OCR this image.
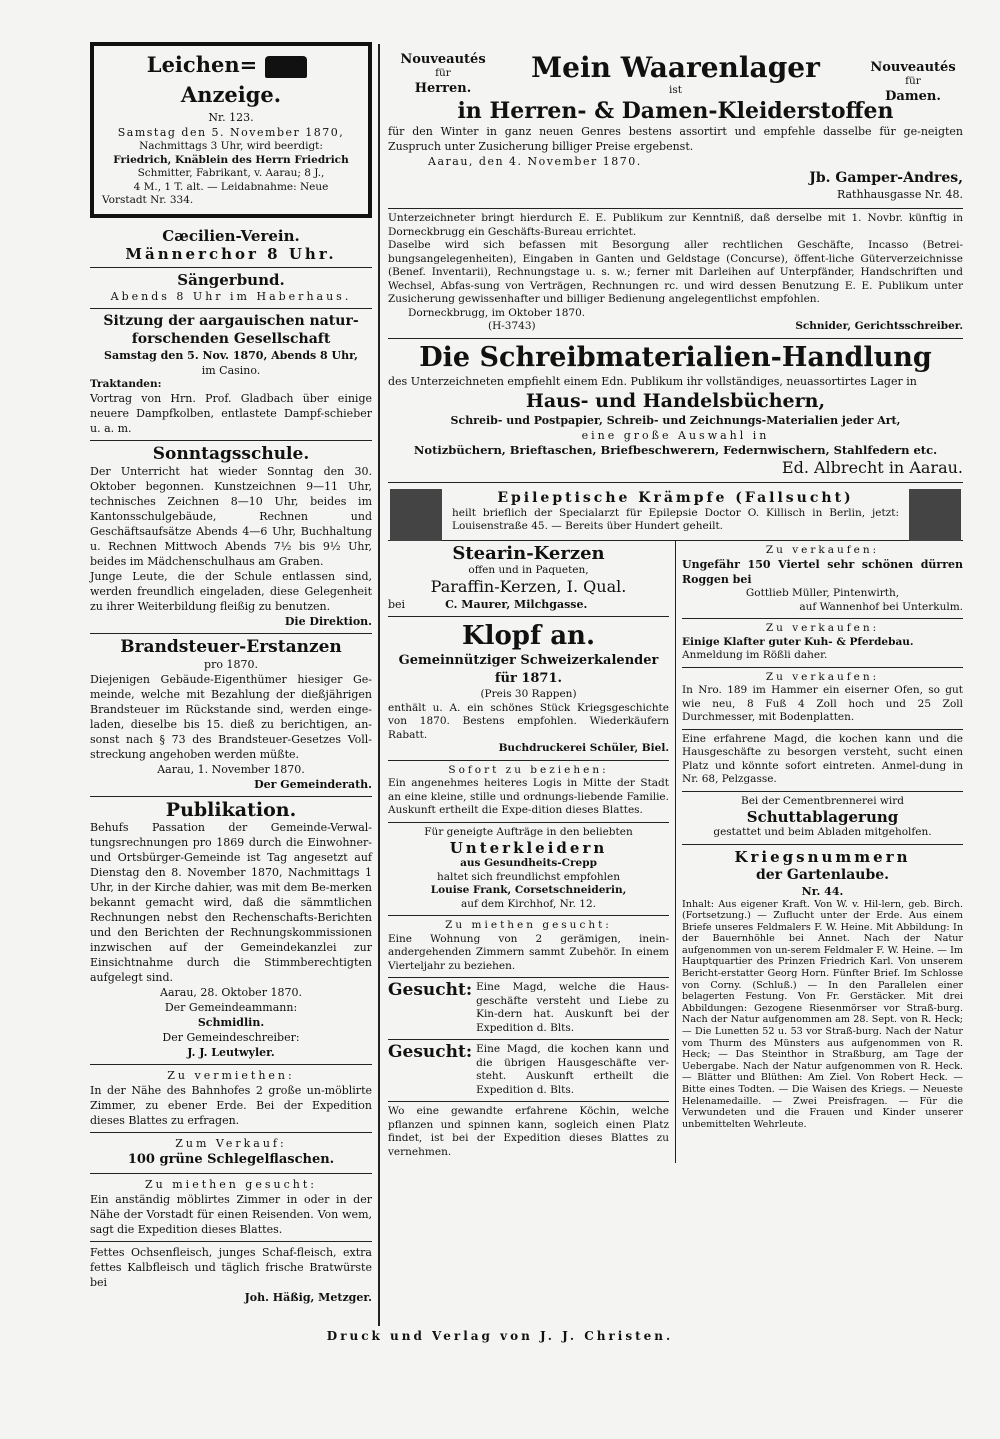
Leichen=Anzeige.

Nr. 123.

Samstag den 5. November 1870,

Nachmittags 3 Uhr, wird beerdigt:

Friedrich, Knäblein des Herrn Friedrich

Schmitter, Fabrikant, v. Aarau; 8 J.,

4 M., 1 T. alt. — Leidabnahme: Neue

Vorstadt Nr. 334.

Cæcilien-Verein.

Männerchor 8 Uhr.

Sängerbund.

Abends 8 Uhr im Haberhaus.

Sitzung der aargauischen natur-

forschenden Gesellschaft

Samstag den 5. Nov. 1870, Abends 8 Uhr,

im Casino.

Traktanden:

Vortrag von Hrn. Prof. Gladbach über einige neuere Dampfkolben, entlastete Dampf-schieber u. a. m.

Sonntagsschule.

Der Unterricht hat wieder Sonntag den 30. Oktober begonnen. Kunstzeichnen 9—11 Uhr, technisches Zeichnen 8—10 Uhr, beides im Kantonsschulgebäude, Rechnen und Geschäftsaufsätze Abends 4—6 Uhr, Buchhaltung u. Rechnen Mittwoch Abends 7½ bis 9½ Uhr, beides im Mädchenschulhaus am Graben.

Junge Leute, die der Schule entlassen sind, werden freundlich eingeladen, diese Gelegenheit zu ihrer Weiterbildung fleißig zu benutzen.

Die Direktion.

Brandsteuer-Erstanzen

pro 1870.

Diejenigen Gebäude-Eigenthümer hiesiger Ge-meinde, welche mit Bezahlung der dießjährigen Brandsteuer im Rückstande sind, werden einge-laden, dieselbe bis 15. dieß zu berichtigen, an-sonst nach § 73 des Brandsteuer-Gesetzes Voll-streckung angehoben werden müßte.

Aarau, 1. November 1870.

Der Gemeinderath.

Publikation.

Behufs Passation der Gemeinde-Verwal-tungsrechnungen pro 1869 durch die Einwohner-und Ortsbürger-Gemeinde ist Tag angesetzt auf Dienstag den 8. November 1870, Nachmittags 1 Uhr, in der Kirche dahier, was mit dem Be-merken bekannt gemacht wird, daß die sämmtlichen Rechnungen nebst den Rechenschafts-Berichten und den Berichten der Rechnungskommissionen inzwischen auf der Gemeindekanzlei zur Einsichtnahme durch die Stimmberechtigten aufgelegt sind.

Aarau, 28. Oktober 1870.

Der Gemeindeammann:

Schmidlin.

Der Gemeindeschreiber:

J. J. Leutwyler.

Zu vermiethen:

In der Nähe des Bahnhofes 2 große un-möblirte Zimmer, zu ebener Erde. Bei der Expedition dieses Blattes zu erfragen.

Zum Verkauf:

100 grüne Schlegelflaschen.

Zu miethen gesucht:

Ein anständig möblirtes Zimmer in oder in der Nähe der Vorstadt für einen Reisenden. Von wem, sagt die Expedition dieses Blattes.

Fettes Ochsenfleisch, junges Schaf-fleisch, extra fettes Kalbfleisch und täglich frische Bratwürste bei

Joh. Häßig, Metzger.

Nouveautés

für

Herren.

Nouveautés

für

Damen.

Mein Waarenlager

ist

in Herren- & Damen-Kleiderstoffen

für den Winter in ganz neuen Genres bestens assortirt und empfehle dasselbe für ge-neigten Zuspruch unter Zusicherung billiger Preise ergebenst.

Aarau, den 4. November 1870.

Jb. Gamper-Andres,

Rathhausgasse Nr. 48.

Unterzeichneter bringt hierdurch E. E. Publikum zur Kenntniß, daß derselbe mit 1. Novbr. künftig in Dorneckbrugg ein Geschäfts-Bureau errichtet.

Daselbe wird sich befassen mit Besorgung aller rechtlichen Geschäfte, Incasso (Betrei-bungsangelegenheiten), Eingaben in Ganten und Geldstage (Concurse), öffent-liche Güterverzeichnisse (Benef. Inventarii), Rechnungstage u. s. w.; ferner mit Darleihen auf Unterpfänder, Handschriften und Wechsel, Abfas-sung von Verträgen, Rechnungen rc. und wird dessen Benutzung E. E. Publikum unter Zusicherung gewissenhafter und billiger Bedienung angelegentlichst empfohlen.

Dorneckbrugg, im Oktober 1870.

(H-3743)	Schnider, Gerichtsschreiber.

Die Schreibmaterialien-Handlung

des Unterzeichneten empfiehlt einem Edn. Publikum ihr vollständiges, neuassortirtes Lager in

Haus- und Handelsbüchern,

Schreib- und Postpapier, Schreib- und Zeichnungs-Materialien jeder Art,

eine große Auswahl in

Notizbüchern, Brieftaschen, Briefbeschwerern, Federnwischern, Stahlfedern etc.

Ed. Albrecht in Aarau.

Epileptische Krämpfe (Fallsucht)

heilt brieflich der Specialarzt für Epilepsie Doctor O. Killisch in Berlin, jetzt: Louisenstraße 45. — Bereits über Hundert geheilt.

Stearin-Kerzen

offen und in Paqueten,

Paraffin-Kerzen, I. Qual.

bei	C. Maurer, Milchgasse.

Klopf an.

Gemeinnütziger Schweizerkalender

für 1871.

(Preis 30 Rappen)

enthält u. A. ein schönes Stück Kriegsgeschichte von 1870. Bestens empfohlen. Wiederkäufern Rabatt.

Buchdruckerei Schüler, Biel.

Sofort zu beziehen:

Ein angenehmes heiteres Logis in Mitte der Stadt an eine kleine, stille und ordnungs-liebende Familie. Auskunft ertheilt die Expe-dition dieses Blattes.

Für geneigte Aufträge in den beliebten

Unterkleidern

aus Gesundheits-Crepp

haltet sich freundlichst empfohlen

Louise Frank, Corsetschneiderin,

auf dem Kirchhof, Nr. 12.

Zu miethen gesucht:

Eine Wohnung von 2 gerämigen, inein-andergehenden Zimmern sammt Zubehör. In einem Vierteljahr zu beziehen.

Gesucht: Eine Magd, welche die Haus-geschäfte versteht und Liebe zu Kin-dern hat. Auskunft bei der Expedition d. Blts.
Gesucht: Eine Magd, die kochen kann und die übrigen Hausgeschäfte ver-steht. Auskunft ertheilt die Expedition d. Blts.

Wo eine gewandte erfahrene Köchin, welche pflanzen und spinnen kann, sogleich einen Platz findet, ist bei der Expedition dieses Blattes zu vernehmen.

Zu verkaufen:

Ungefähr 150 Viertel sehr schönen dürren Roggen bei

Gottlieb Müller, Pintenwirth,

auf Wannenhof bei Unterkulm.

Zu verkaufen:

Einige Klafter guter Kuh- & Pferdebau.

Anmeldung im Rößli daher.

Zu verkaufen:

In Nro. 189 im Hammer ein eiserner Ofen, so gut wie neu, 8 Fuß 4 Zoll hoch und 25 Zoll Durchmesser, mit Bodenplatten.

Eine erfahrene Magd, die kochen kann und die Hausgeschäfte zu besorgen versteht, sucht einen Platz und könnte sofort eintreten. Anmel-dung in Nr. 68, Pelzgasse.

Bei der Cementbrennerei wird

Schuttablagerung

gestattet und beim Abladen mitgeholfen.

Kriegsnummern

der Gartenlaube.

Nr. 44.

Inhalt: Aus eigener Kraft. Von W. v. Hil-lern, geb. Birch. (Fortsetzung.) — Zuflucht unter der Erde. Aus einem Briefe unseres Feldmalers F. W. Heine. Mit Abbildung: In der Bauernhöhle bei Annet. Nach der Natur aufgenommen von un-serem Feldmaler F. W. Heine. — Im Hauptquartier des Prinzen Friedrich Karl. Von unserem Bericht-erstatter Georg Horn. Fünfter Brief. Im Schlosse von Corny. (Schluß.) — In den Parallelen einer belagerten Festung. Von Fr. Gerstäcker. Mit drei Abbildungen: Gezogene Riesenmörser vor Straß-burg. Nach der Natur aufgenommen am 28. Sept. von R. Heck; — Die Lunetten 52 u. 53 vor Straß-burg. Nach der Natur vom Thurm des Münsters aus aufgenommen von R. Heck; — Das Steinthor in Straßburg, am Tage der Uebergabe. Nach der Natur aufgenommen von R. Heck. — Blätter und Blüthen: Am Ziel. Von Robert Heck. — Bitte eines Todten. — Die Waisen des Kriegs. — Neueste Helenamedaille. — Zwei Preisfragen. — Für die Verwundeten und die Frauen und Kinder unserer unbemittelten Wehrleute.

Druck und Verlag von J. J. Christen.
